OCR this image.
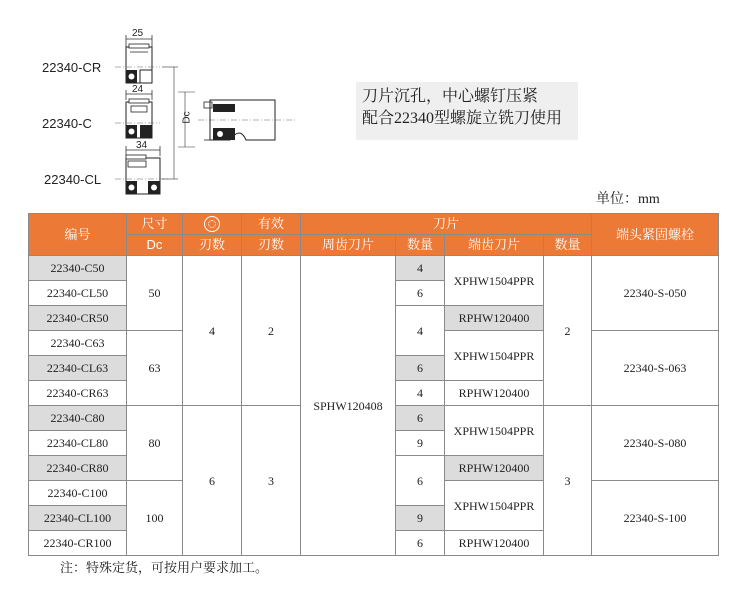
22340-CR
22340-C
22340-CL
25
24
34
Dc
刀片沉孔，中心螺钉压紧
配合22340型螺旋立铣刀使用
单位：mm
编号	尺寸		有效	刀片				端头紧固螺栓
	Dc	刃数	刃数	周齿刀片	数量	端齿刀片	数量	
22340-C50	50	4	2	SPHW120408	4	XPHW1504PPR	2	22340-S-050
22340-CL50					6			
22340-CR50					4	RPHW120400		
22340-C63	63					XPHW1504PPR		22340-S-063
22340-CL63					6			
22340-CR63					4	RPHW120400		
22340-C80	80	6	3		6	XPHW1504PPR	3	22340-S-080
22340-CL80					9			
22340-CR80					6	RPHW120400		
22340-C100	100					XPHW1504PPR		22340-S-100
22340-CL100					9			
22340-CR100					6	RPHW120400		
注：特殊定货，可按用户要求加工。
